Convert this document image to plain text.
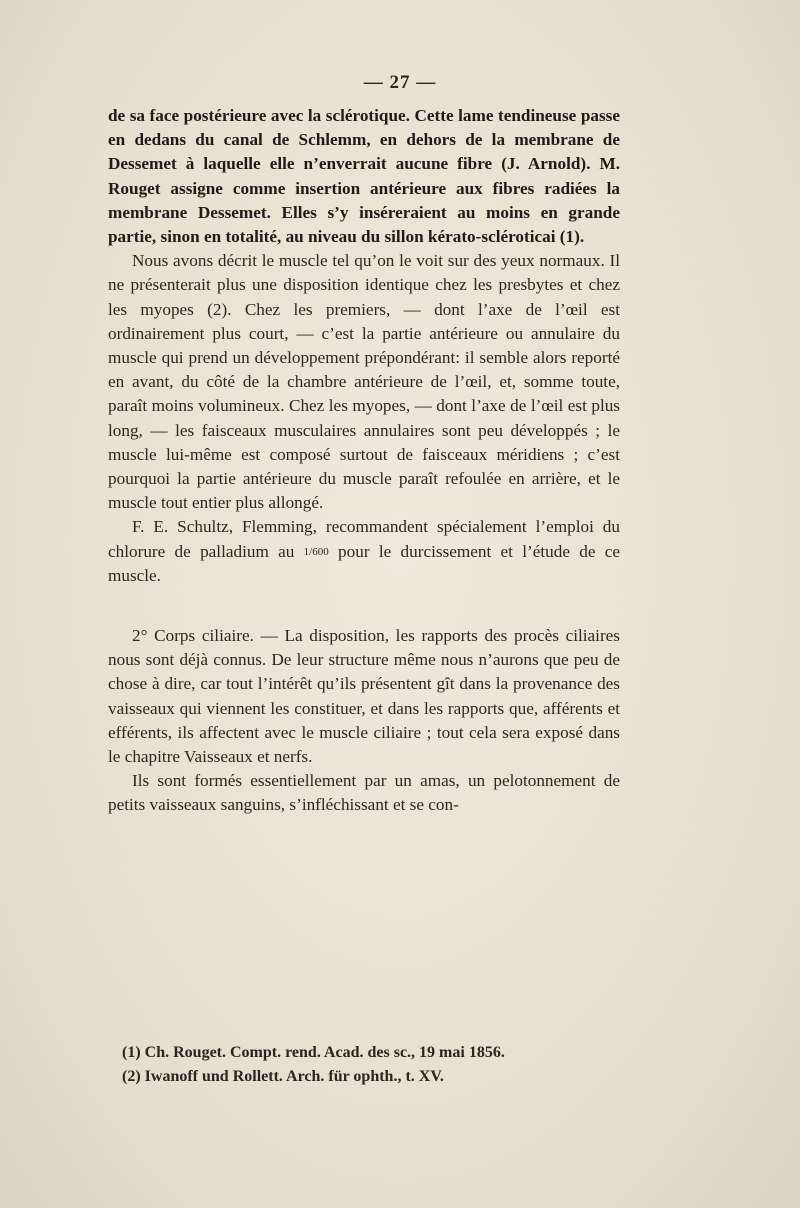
— 27 —

de sa face postérieure avec la sclérotique. Cette lame tendineuse passe en dedans du canal de Schlemm, en dehors de la membrane de Dessemet à laquelle elle n’enverrait aucune fibre (J. Arnold). M. Rouget assigne comme insertion antérieure aux fibres radiées la membrane Dessemet. Elles s’y inséreraient au moins en grande partie, sinon en totalité, au niveau du sillon kérato-scléroticai (1).

Nous avons décrit le muscle tel qu’on le voit sur des yeux normaux. Il ne présenterait plus une disposition identique chez les presbytes et chez les myopes (2). Chez les premiers, — dont l’axe de l’œil est ordinairement plus court, — c’est la partie antérieure ou annulaire du muscle qui prend un développement prépondérant: il semble alors reporté en avant, du côté de la chambre antérieure de l’œil, et, somme toute, paraît moins volumineux. Chez les myopes, — dont l’axe de l’œil est plus long, — les faisceaux musculaires annulaires sont peu développés ; le muscle lui-même est composé surtout de faisceaux méridiens ; c’est pourquoi la partie antérieure du muscle paraît refoulée en arrière, et le muscle tout entier plus allongé.

F. E. Schultz, Flemming, recommandent spécialement l’emploi du chlorure de palladium au 1/600 pour le durcissement et l’étude de ce muscle.

2° Corps ciliaire. — La disposition, les rapports des procès ciliaires nous sont déjà connus. De leur structure même nous n’aurons que peu de chose à dire, car tout l’intérêt qu’ils présentent gît dans la provenance des vaisseaux qui viennent les constituer, et dans les rapports que, afférents et efférents, ils affectent avec le muscle ciliaire ; tout cela sera exposé dans le chapitre Vaisseaux et nerfs.

Ils sont formés essentiellement par un amas, un pelotonnement de petits vaisseaux sanguins, s’infléchissant et se con-

(1) Ch. Rouget. Compt. rend. Acad. des sc., 19 mai 1856.

(2) Iwanoff und Rollett. Arch. für ophth., t. XV.
